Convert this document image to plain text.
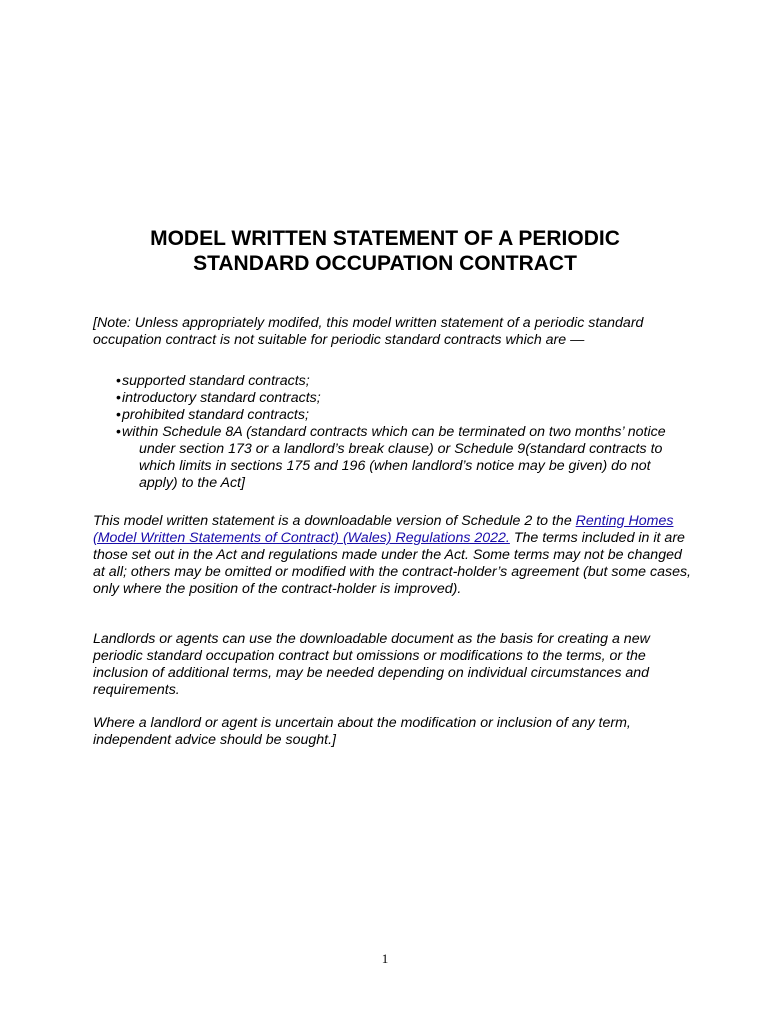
MODEL WRITTEN STATEMENT OF A PERIODIC
STANDARD OCCUPATION CONTRACT
[Note: Unless appropriately modifed, this model written statement of a periodic standard occupation contract is not suitable for periodic standard contracts which are —
•supported standard contracts;
•introductory standard contracts;
•prohibited standard contracts;
•within Schedule 8A (standard contracts which can be terminated on two months’ notice under section 173 or a landlord’s break clause) or Schedule 9(standard contracts to which limits in sections 175 and 196 (when landlord’s notice may be given) do not apply) to the Act]
This model written statement is a downloadable version of Schedule 2 to the Renting Homes (Model Written Statements of Contract) (Wales) Regulations 2022. The terms included in it are those set out in the Act and regulations made under the Act. Some terms may not be changed at all; others may be omitted or modified with the contract-holder’s agreement (but some cases, only where the position of the contract-holder is improved).
Landlords or agents can use the downloadable document as the basis for creating a new periodic standard occupation contract but omissions or modifications to the terms, or the inclusion of additional terms, may be needed depending on individual circumstances and requirements.
Where a landlord or agent is uncertain about the modification or inclusion of any term, independent advice should be sought.]
1
